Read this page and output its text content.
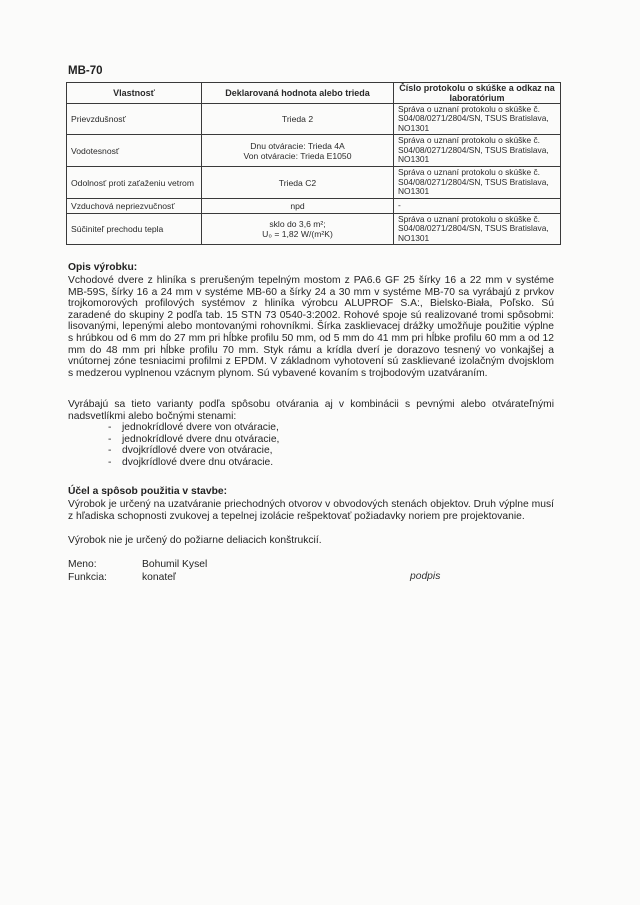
MB-70
Vlastnosť	Deklarovaná hodnota alebo trieda	Číslo protokolu o skúške a odkaz na laboratórium
Prievzdušnosť	Trieda 2	Správa o uznaní protokolu o skúške č.
S04/08/0271/2804/SN, TSUS Bratislava,
NO1301

Vodotesnosť	Dnu otváracie: Trieda 4A
Von otváracie: Trieda E1050	Správa o uznaní protokolu o skúške č.
S04/08/0271/2804/SN, TSUS Bratislava,
NO1301

Odolnosť proti zaťaženiu vetrom	Trieda C2	Správa o uznaní protokolu o skúške č.
S04/08/0271/2804/SN, TSUS Bratislava,
NO1301

Vzduchová nepriezvučnosť	npd	-

Súčiniteľ prechodu tepla	sklo do 3,6 m²;
U₀ = 1,82 W/(m²K)	Správa o uznaní protokolu o skúške č.
S04/08/0271/2804/SN, TSUS Bratislava,
NO1301
Opis výrobku:

Vchodové dvere z hliníka s prerušeným tepelným mostom z PA6.6 GF 25 šírky 16 a 22 mm v systéme MB-59S, šírky 16 a 24 mm v systéme MB-60 a šírky 24 a 30 mm v systéme MB-70 sa vyrábajú z prvkov trojkomorových profilových systémov z hliníka výrobcu ALUPROF S.A:, Bielsko-Biała, Poľsko. Sú zaradené do skupiny 2 podľa tab. 15 STN 73 0540-3:2002. Rohové spoje sú realizované tromi spôsobmi: lisovanými, lepenými alebo montovanými rohovníkmi. Šírka zasklievacej drážky umožňuje použitie výplne s hrúbkou od 6 mm do 27 mm pri hĺbke profilu 50 mm, od 5 mm do 41 mm pri hĺbke profilu 60 mm a od 12 mm do 48 mm pri hĺbke profilu 70 mm. Styk rámu a krídla dverí je dorazovo tesnený vo vonkajšej a vnútornej zóne tesniacimi profilmi z EPDM. V základnom vyhotovení sú zasklievané izolačným dvojsklom s medzerou vyplnenou vzácnym plynom. Sú vybavené kovaním s trojbodovým uzatváraním.

Vyrábajú sa tieto varianty podľa spôsobu otvárania aj v kombinácii s pevnými alebo otvárateľnými nadsvetlíkmi alebo bočnými stenami:

- jednokrídlové dvere von otváracie,
- jednokrídlové dvere dnu otváracie,
- dvojkrídlové dvere von otváracie,
- dvojkrídlové dvere dnu otváracie.
Účel a spôsob použitia v stavbe:

Výrobok je určený na uzatváranie priechodných otvorov v obvodových stenách objektov. Druh výplne musí z hľadiska schopnosti zvukovej a tepelnej izolácie rešpektovať požiadavky noriem pre projektovanie.

Výrobok nie je určený do požiarne deliacich konštrukcií.

Meno:	Bohumil Kysel
Funkcia:	konateľ	podpis
